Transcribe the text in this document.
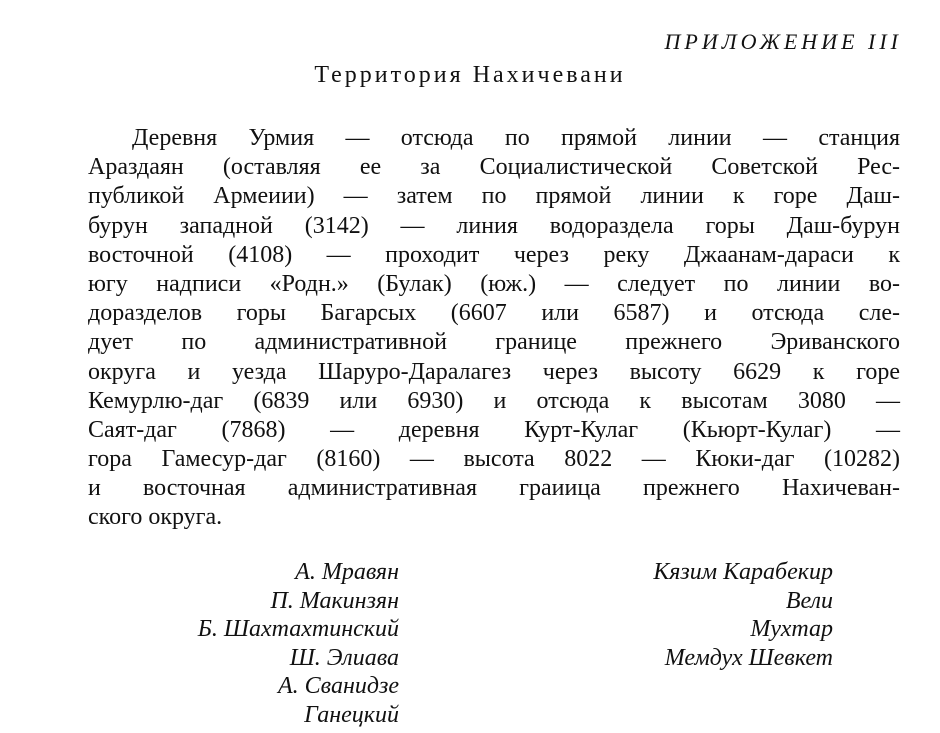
ПРИЛОЖЕНИЕ III
Территория Нахичевани
Деревня Урмия — отсюда по прямой линии — станция
Араздаян (оставляя ее за Социалистической Советской Рес-
публикой Армеиии) — затем по прямой линии к горе Даш-
бурун западной (3142) — линия водораздела горы Даш-бурун
восточной (4108) — проходит через реку Джаанам-дараси к
югу надписи «Родн.» (Булак) (юж.) — следует по линии во-
доразделов горы Багарсых (6607 или 6587) и отсюда сле-
дует по административной границе прежнего Эриванского
округа и уезда Шаруро-Даралагез через высоту 6629 к горе
Кемурлю-даг (6839 или 6930) и отсюда к высотам 3080 —
Саят-даг (7868) — деревня Курт-Кулаг (Кьюрт-Кулаг) —
гора Гамесур-даг (8160) — высота 8022 — Кюки-даг (10282)
и восточная административная граиица прежнего Нахичеван-
ского округа.
А. Мравян
П. Макинзян
Б. Шахтахтинский
Ш. Элиава
А. Сванидзе
Ганецкий
Кязим Карабекир
Вели
Мухтар
Мемдух Шевкет
